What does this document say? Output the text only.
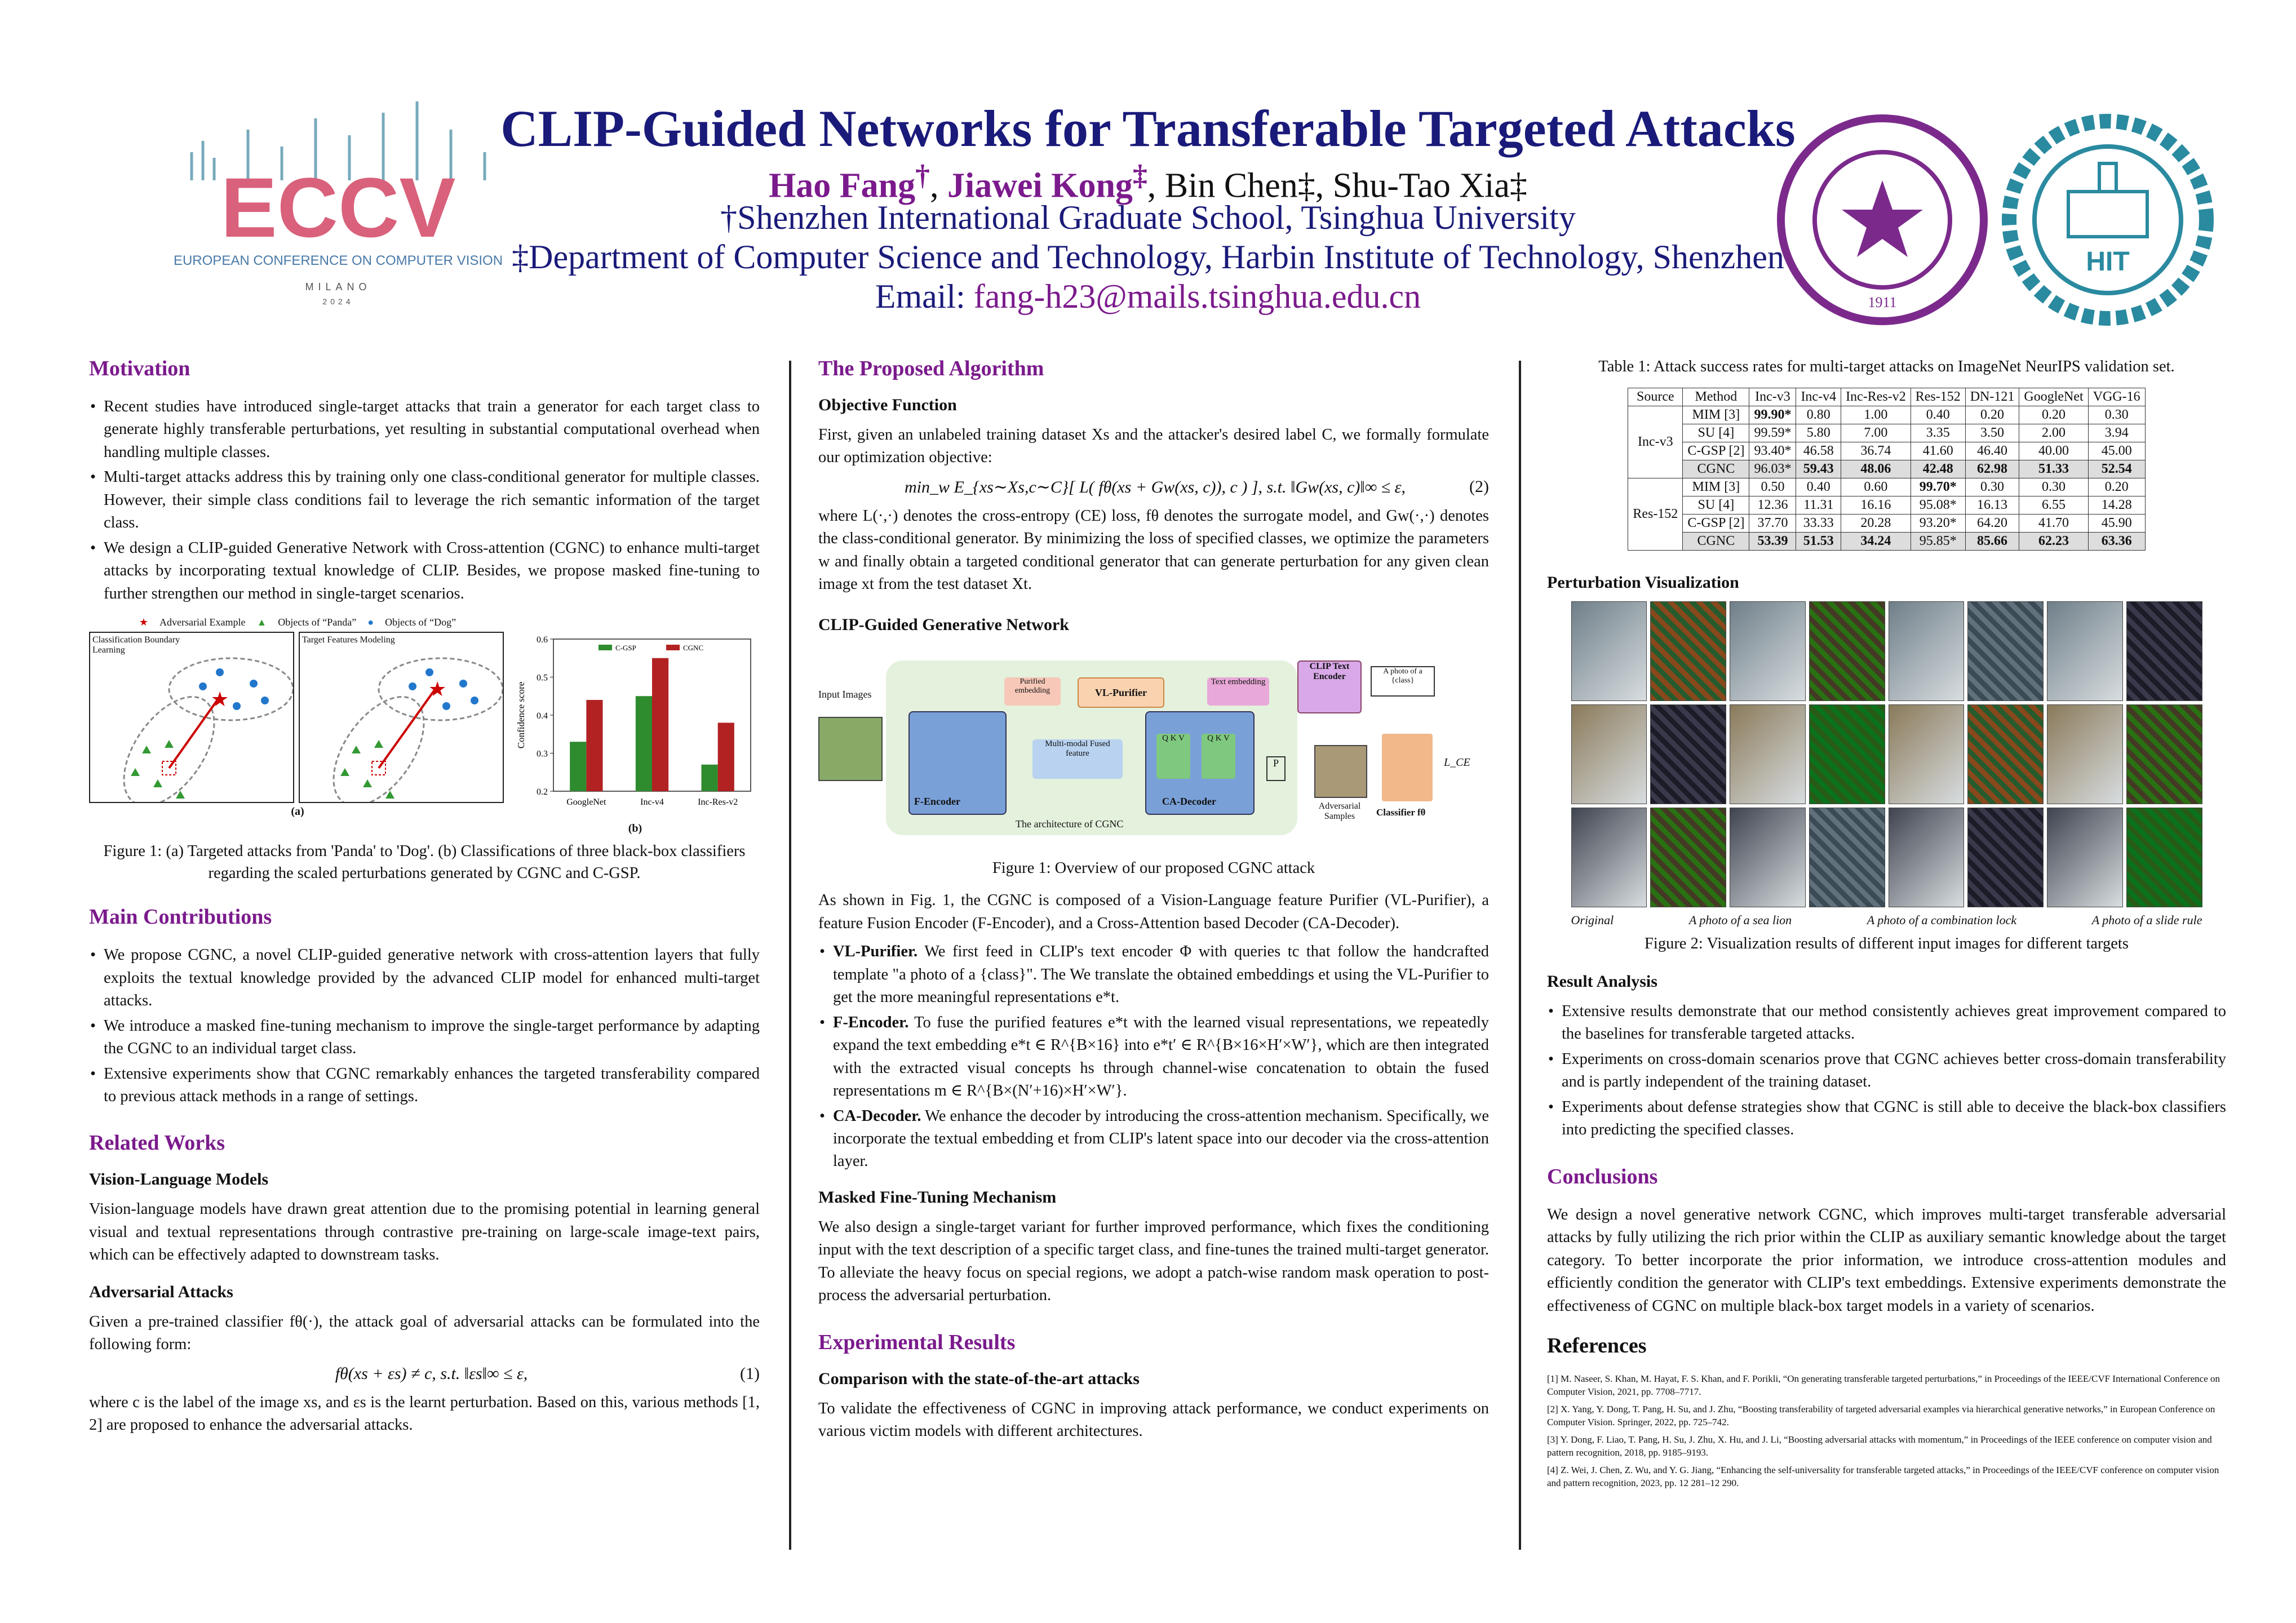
ECCV
EUROPEAN CONFERENCE ON COMPUTER VISION
MILANO
2024
CLIP-Guided Networks for Transferable Targeted Attacks
Hao Fang†, Jiawei Kong‡, Bin Chen‡, Shu-Tao Xia‡
†Shenzhen International Graduate School, Tsinghua University
‡Department of Computer Science and Technology, Harbin Institute of Technology, Shenzhen
Email: fang-h23@mails.tsinghua.edu.cn	1911
HIT
Motivation
• Recent studies have introduced single-target attacks that train a generator for each target class to generate highly transferable perturbations, yet resulting in substantial computational overhead when handling multiple classes.
• Multi-target attacks address this by training only one class-conditional generator for multiple classes. However, their simple class conditions fail to leverage the rich semantic information of the target class.
• We design a CLIP-guided Generative Network with Cross-attention (CGNC) to enhance multi-target attacks by incorporating textual knowledge of CLIP. Besides, we propose masked fine-tuning to further strengthen our method in single-target scenarios.
★ Adversarial Example ▲ Objects of “Panda” ● Objects of “Dog”
Classification Boundary Learning
★
Target Features Modeling
★
(a)
0.2
0.3
0.4
0.5
0.6
Confidence score
GoogleNet	Inc-v4	Inc-Res-v2
C-GSP	CGNC
(b)
Figure 1: (a) Targeted attacks from 'Panda' to 'Dog'. (b) Classifications of three black-box classifiers regarding the scaled perturbations generated by CGNC and C-GSP.
Main Contributions
• We propose CGNC, a novel CLIP-guided generative network with cross-attention layers that fully exploits the textual knowledge provided by the advanced CLIP model for enhanced multi-target attacks.
• We introduce a masked fine-tuning mechanism to improve the single-target performance by adapting the CGNC to an individual target class.
• Extensive experiments show that CGNC remarkably enhances the targeted transferability compared to previous attack methods in a range of settings.
Related Works
Vision-Language Models

Vision-language models have drawn great attention due to the promising potential in learning general visual and textual representations through contrastive pre-training on large-scale image-text pairs, which can be effectively adapted to downstream tasks.

Adversarial Attacks

Given a pre-trained classifier fθ(·), the attack goal of adversarial attacks can be formulated into the following form:

fθ(xs + εs) ≠ c, s.t. ‖εs‖∞ ≤ ε,	(1)

where c is the label of the image xs, and εs is the learnt perturbation. Based on this, various methods [1, 2] are proposed to enhance the adversarial attacks.

The Proposed Algorithm
Objective Function

First, given an unlabeled training dataset Xs and the attacker's desired label C, we formally formulate our optimization objective:

min_w E_{xs∼Xs,c∼C}[ L( fθ(xs + Gw(xs, c)), c ) ], s.t. ‖Gw(xs, c)‖∞ ≤ ε,	(2)

where L(·,·) denotes the cross-entropy (CE) loss, fθ denotes the surrogate model, and Gw(·,·) denotes the class-conditional generator. By minimizing the loss of specified classes, we optimize the parameters w and finally obtain a targeted conditional generator that can generate perturbation for any given clean image xt from the test dataset Xt.

CLIP-Guided Generative Network
Input Images
F-Encoder
Purified embedding	VL-Purifier
Multi-modal Fused feature
Q K V	Q K V
CA-Decoder
Text embedding
CLIP Text Encoder
A photo of a {class}
The architecture of CGNC
P
Adversarial Samples	Classifier fθ
L_CE
Figure 1: Overview of our proposed CGNC attack

As shown in Fig. 1, the CGNC is composed of a Vision-Language feature Purifier (VL-Purifier), a feature Fusion Encoder (F-Encoder), and a Cross-Attention based Decoder (CA-Decoder).

• VL-Purifier. We first feed in CLIP's text encoder Φ with queries tc that follow the handcrafted template "a photo of a {class}". The We translate the obtained embeddings et using the VL-Purifier to get the more meaningful representations e*t.
• F-Encoder. To fuse the purified features e*t with the learned visual representations, we repeatedly expand the text embedding e*t ∈ R^{B×16} into e*t′ ∈ R^{B×16×H′×W′}, which are then integrated with the extracted visual concepts hs through channel-wise concatenation to obtain the fused representations m ∈ R^{B×(N′+16)×H′×W′}.
• CA-Decoder. We enhance the decoder by introducing the cross-attention mechanism. Specifically, we incorporate the textual embedding et from CLIP's latent space into our decoder via the cross-attention layer.
Masked Fine-Tuning Mechanism

We also design a single-target variant for further improved performance, which fixes the conditioning input with the text description of a specific target class, and fine-tunes the trained multi-target generator. To alleviate the heavy focus on special regions, we adopt a patch-wise random mask operation to post-process the adversarial perturbation.

Experimental Results
Comparison with the state-of-the-art attacks

To validate the effectiveness of CGNC in improving attack performance, we conduct experiments on various victim models with different architectures.

Table 1: Attack success rates for multi-target attacks on ImageNet NeurIPS validation set.
Source	Method	Inc-v3	Inc-v4	Inc-Res-v2	Res-152	DN-121	GoogleNet	VGG-16
Inc-v3	MIM [3]	99.90*	0.80	1.00	0.40	0.20	0.20	0.30
	SU [4]	99.59*	5.80	7.00	3.35	3.50	2.00	3.94
	C-GSP [2]	93.40*	46.58	36.74	41.60	46.40	40.00	45.00
	CGNC	96.03*	59.43	48.06	42.48	62.98	51.33	52.54
Res-152	MIM [3]	0.50	0.40	0.60	99.70*	0.30	0.30	0.20
	SU [4]	12.36	11.31	16.16	95.08*	16.13	6.55	14.28
	C-GSP [2]	37.70	33.33	20.28	93.20*	64.20	41.70	45.90
	CGNC	53.39	51.53	34.24	95.85*	85.66	62.23	63.36
Perturbation Visualization
Original	A photo of a sea lion	A photo of a combination lock	A photo of a slide rule
Figure 2: Visualization results of different input images for different targets
Result Analysis
• Extensive results demonstrate that our method consistently achieves great improvement compared to the baselines for transferable targeted attacks.
• Experiments on cross-domain scenarios prove that CGNC achieves better cross-domain transferability and is partly independent of the training dataset.
• Experiments about defense strategies show that CGNC is still able to deceive the black-box classifiers into predicting the specified classes.
Conclusions

We design a novel generative network CGNC, which improves multi-target transferable adversarial attacks by fully utilizing the rich prior within the CLIP as auxiliary semantic knowledge about the target category. To better incorporate the prior information, we introduce cross-attention modules and efficiently condition the generator with CLIP's text embeddings. Extensive experiments demonstrate the effectiveness of CGNC on multiple black-box target models in a variety of scenarios.

References
[1] M. Naseer, S. Khan, M. Hayat, F. S. Khan, and F. Porikli, “On generating transferable targeted perturbations,” in Proceedings of the IEEE/CVF International Conference on Computer Vision, 2021, pp. 7708–7717.
[2] X. Yang, Y. Dong, T. Pang, H. Su, and J. Zhu, “Boosting transferability of targeted adversarial examples via hierarchical generative networks,” in European Conference on Computer Vision. Springer, 2022, pp. 725–742.
[3] Y. Dong, F. Liao, T. Pang, H. Su, J. Zhu, X. Hu, and J. Li, “Boosting adversarial attacks with momentum,” in Proceedings of the IEEE conference on computer vision and pattern recognition, 2018, pp. 9185–9193.
[4] Z. Wei, J. Chen, Z. Wu, and Y. G. Jiang, “Enhancing the self-universality for transferable targeted attacks,” in Proceedings of the IEEE/CVF conference on computer vision and pattern recognition, 2023, pp. 12 281–12 290.
